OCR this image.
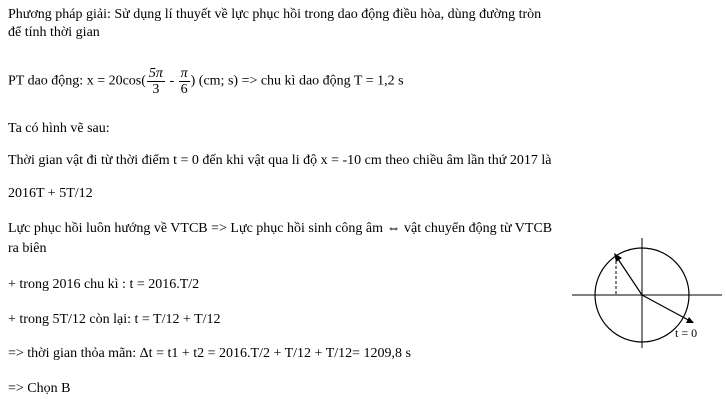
Phương pháp giải: Sử dụng lí thuyết về lực phục hồi trong dao động điều hòa, dùng đường tròn
để tính thời gian
PT dao động: $x = 20\cos( \frac{5\pi}{3} - \frac{\pi}{6}$ ) (cm; s) => chu kì dao động T = 1,2 s
Ta có hình vẽ sau:
Thời gian vật đi từ thời điểm t = 0 đến khi vật qua li độ x = -10 cm theo chiều âm lần thứ 2017 là
2016T + 5T/12
Lực phục hồi luôn hướng về VTCB => Lực phục hồi sinh công âm ⇔ vật chuyển động từ VTCB
ra biên
+ trong 2016 chu kì : t = 2016.T/2
+ trong 5T/12 còn lại: t = T/12 + T/12
=> thời gian thỏa mãn: Δt = t1 + t2 = 2016.T/2 + T/12 + T/12= 1209,8 s
=> Chọn B
t = 0
